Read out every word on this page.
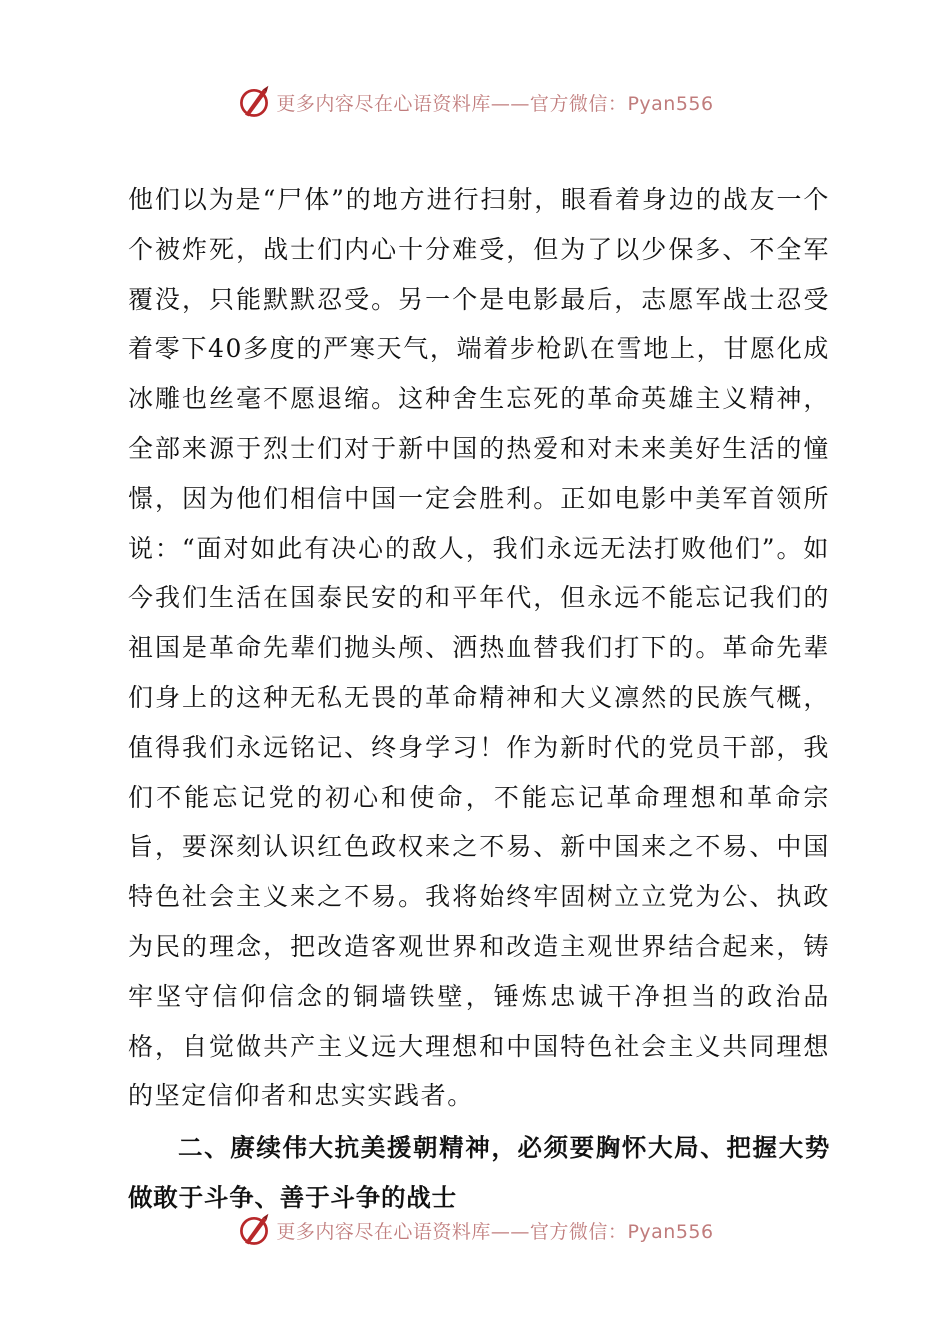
更多内容尽在心语资料库——官方微信：Pyan556

他们以为是“尸体”的地方进行扫射，眼看着身边的战友一个个被炸死，战士们内心十分难受，但为了以少保多、不全军覆没，只能默默忍受。另一个是电影最后，志愿军战士忍受着零下40多度的严寒天气，端着步枪趴在雪地上，甘愿化成冰雕也丝毫不愿退缩。这种舍生忘死的革命英雄主义精神，全部来源于烈士们对于新中国的热爱和对未来美好生活的憧憬，因为他们相信中国一定会胜利。正如电影中美军首领所说：“面对如此有决心的敌人，我们永远无法打败他们”。如今我们生活在国泰民安的和平年代，但永远不能忘记我们的祖国是革命先辈们抛头颅、洒热血替我们打下的。革命先辈们身上的这种无私无畏的革命精神和大义凛然的民族气概，值得我们永远铭记、终身学习！作为新时代的党员干部，我们不能忘记党的初心和使命，不能忘记革命理想和革命宗旨，要深刻认识红色政权来之不易、新中国来之不易、中国特色社会主义来之不易。我将始终牢固树立立党为公、执政为民的理念，把改造客观世界和改造主观世界结合起来，铸牢坚守信仰信念的铜墙铁壁，锤炼忠诚干净担当的政治品格，自觉做共产主义远大理想和中国特色社会主义共同理想的坚定信仰者和忠实实践者。

二、赓续伟大抗美援朝精神，必须要胸怀大局、把握大势做敢于斗争、善于斗争的战士

更多内容尽在心语资料库——官方微信：Pyan556
